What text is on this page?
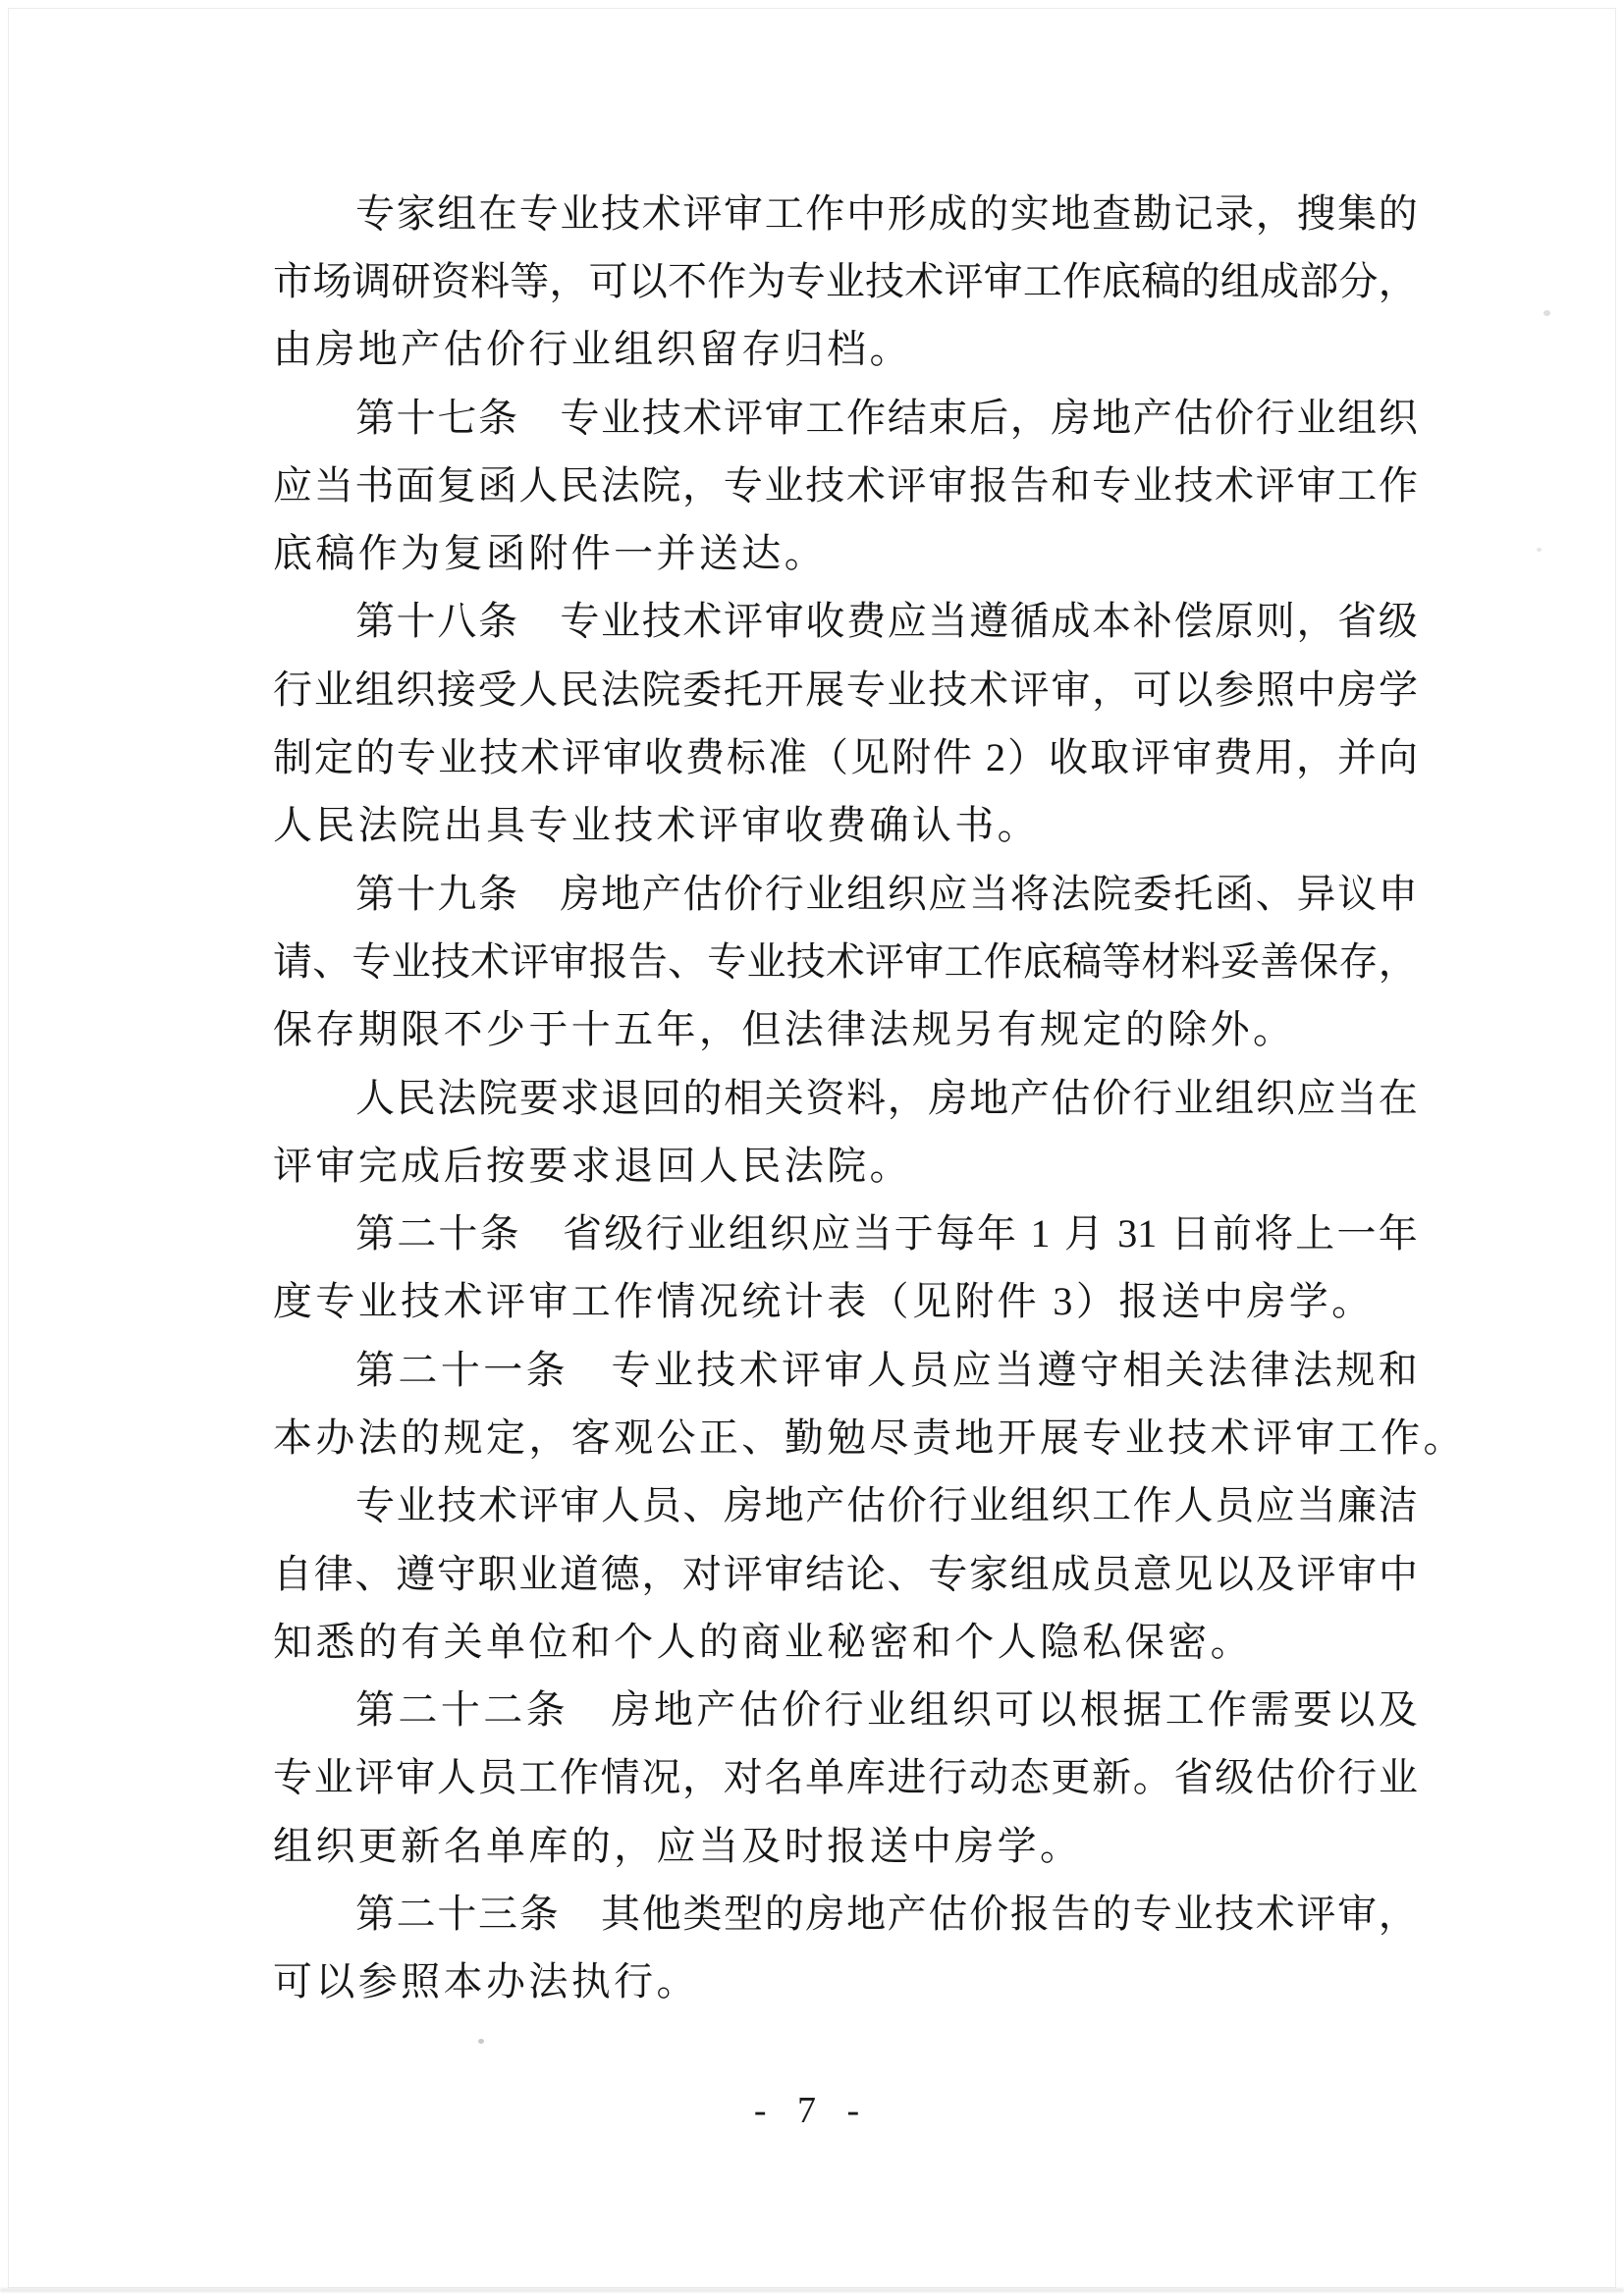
专 家 组 在 专 业 技 术 评 审 工 作 中 形 成 的 实 地 查 勘 记 录 ， 搜 集 的
市 场 调 研 资 料 等 ， 可 以 不 作 为 专 业 技 术 评 审 工 作 底 稿 的 组 成 部 分 ，
由 房 地 产 估 价 行 业 组 织 留 存 归 档 。
第 十 七 条
　 专 业 技 术 评 审 工 作 结 束 后 ， 房 地 产 估 价 行 业 组 织
应 当 书 面 复 函 人 民 法 院 ， 专 业 技 术 评 审 报 告 和 专 业 技 术 评 审 工 作
底 稿 作 为 复 函 附 件 一 并 送 达 。
第 十 八 条
　 专 业 技 术 评 审 收 费 应 当 遵 循 成 本 补 偿 原 则 ， 省 级
行 业 组 织 接 受 人 民 法 院 委 托 开 展 专 业 技 术 评 审 ， 可 以 参 照 中 房 学
制 定 的 专 业 技 术 评 审 收 费 标 准 （ 见 附 件
2 ） 收 取 评 审 费 用 ， 并 向
人 民 法 院 出 具 专 业 技 术 评 审 收 费 确 认 书 。
第 十 九 条
　 房 地 产 估 价 行 业 组 织 应 当 将 法 院 委 托 函 、 异 议 申
请 、 专 业 技 术 评 审 报 告 、 专 业 技 术 评 审 工 作 底 稿 等 材 料 妥 善 保 存 ，
保 存 期 限 不 少 于 十 五 年 ， 但 法 律 法 规 另 有 规 定 的 除 外 。
人 民 法 院 要 求 退 回 的 相 关 资 料 ， 房 地 产 估 价 行 业 组 织 应 当 在
评 审 完 成 后 按 要 求 退 回 人 民 法 院 。
第 二 十 条
　 省 级 行 业 组 织 应 当 于 每 年
1
月
31
日 前 将 上 一 年
度 专 业 技 术 评 审 工 作 情 况 统 计 表 （ 见 附 件
3 ） 报 送 中 房 学 。
第 二 十 一 条
　 专 业 技 术 评 审 人 员 应 当 遵 守 相 关 法 律 法 规 和
本 办 法 的 规 定 ， 客 观 公 正 、 勤 勉 尽 责 地 开 展 专 业 技 术 评 审 工 作 。
专 业 技 术 评 审 人 员 、 房 地 产 估 价 行 业 组 织 工 作 人 员 应 当 廉 洁
自 律 、 遵 守 职 业 道 德 ， 对 评 审 结 论 、 专 家 组 成 员 意 见 以 及 评 审 中
知 悉 的 有 关 单 位 和 个 人 的 商 业 秘 密 和 个 人 隐 私 保 密 。
第 二 十 二 条
　 房 地 产 估 价 行 业 组 织 可 以 根 据 工 作 需 要 以 及
专 业 评 审 人 员 工 作 情 况 ， 对 名 单 库 进 行 动 态 更 新 。 省 级 估 价 行 业
组 织 更 新 名 单 库 的 ， 应 当 及 时 报 送 中 房 学 。
第 二 十 三 条
　 其 他 类 型 的 房 地 产 估 价 报 告 的 专 业 技 术 评 审 ，
可 以 参 照 本 办 法 执 行 。
- 7 -
